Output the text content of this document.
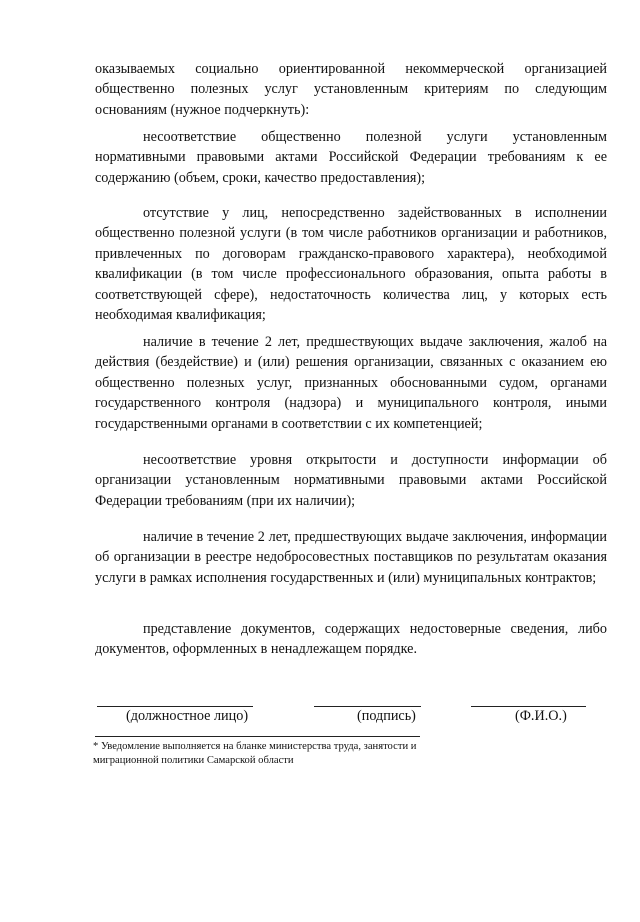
оказываемых социально ориентированной некоммерческой организацией общественно полезных услуг установленным критериям по следующим основаниям (нужное подчеркнуть):

несоответствие общественно полезной услуги установленным нормативными правовыми актами Российской Федерации требованиям к ее содержанию (объем, сроки, качество предоставления);

отсутствие у лиц, непосредственно задействованных в исполнении общественно полезной услуги (в том числе работников организации и работников, привлеченных по договорам гражданско-правового характера), необходимой квалификации (в том числе профессионального образования, опыта работы в соответствующей сфере), недостаточность количества лиц, у которых есть необходимая квалификация;

наличие в течение 2 лет, предшествующих выдаче заключения, жалоб на действия (бездействие) и (или) решения организации, связанных с оказанием ею общественно полезных услуг, признанных обоснованными судом, органами государственного контроля (надзора) и муниципального контроля, иными государственными органами в соответствии с их компетенцией;

несоответствие уровня открытости и доступности информации об организации установленным нормативными правовыми актами Российской Федерации требованиям (при их наличии);

наличие в течение 2 лет, предшествующих выдаче заключения, информации об организации в реестре недобросовестных поставщиков по результатам оказания услуги в рамках исполнения государственных и (или) муниципальных контрактов;

представление документов, содержащих недостоверные сведения, либо документов, оформленных в ненадлежащем порядке.

(должностное лицо)	(подпись)	(Ф.И.О.)
* Уведомление выполняется на бланке министерства труда, занятости и миграционной политики Самарской области
